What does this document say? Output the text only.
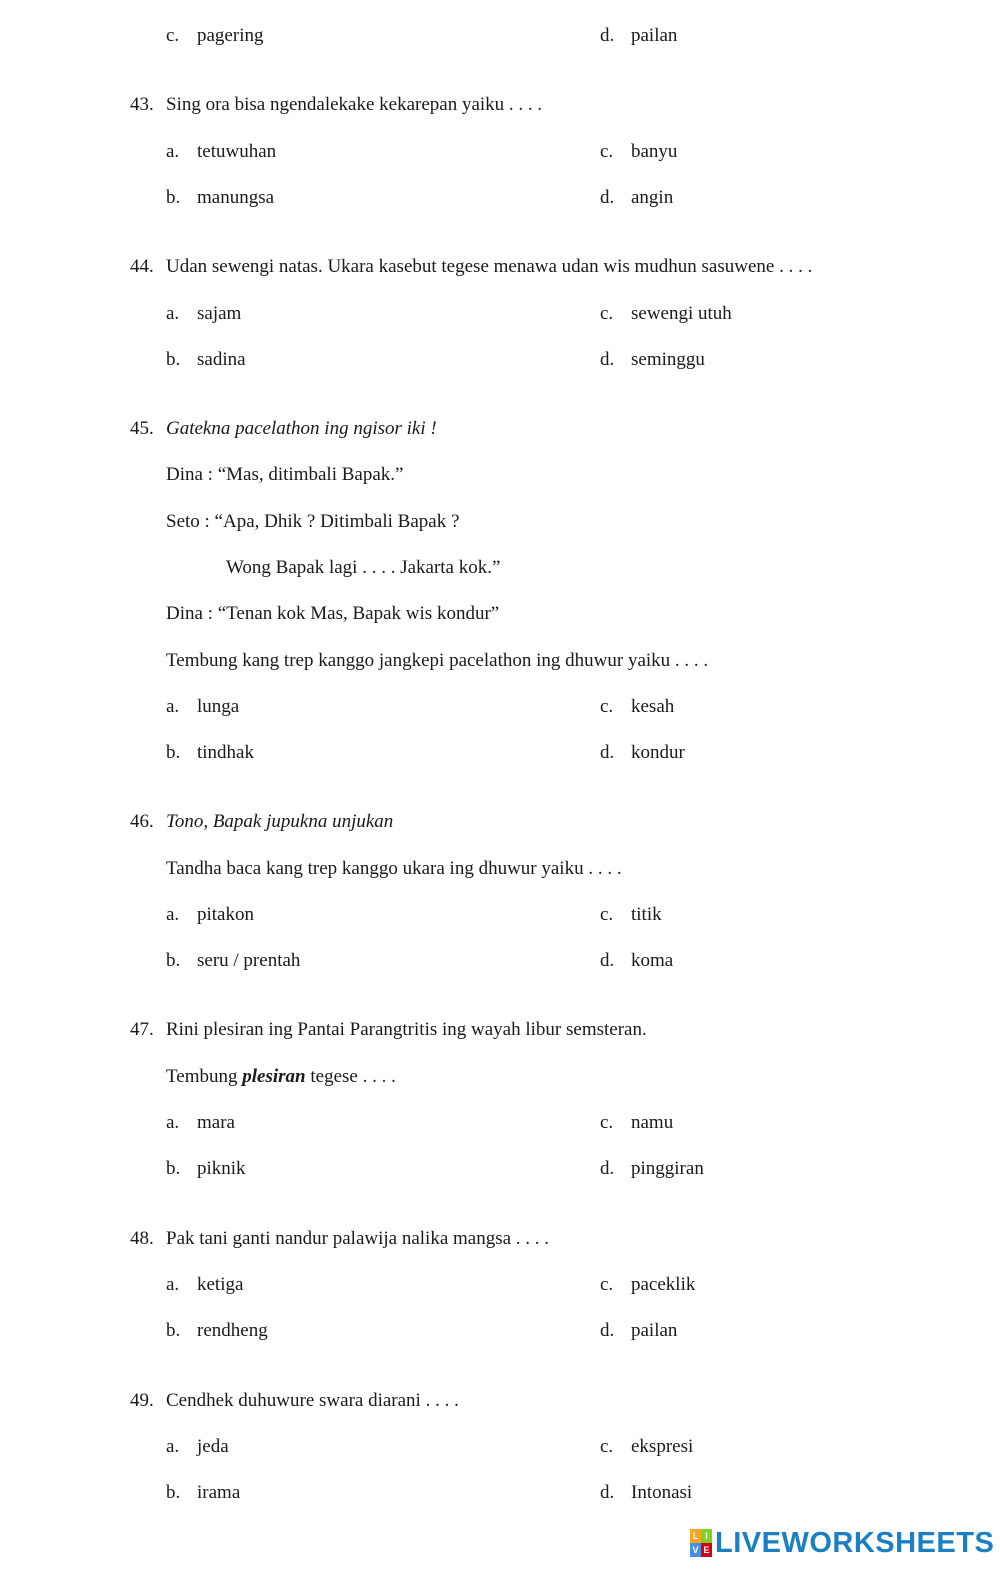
c. pagering	d. pailan
43. Sing ora bisa ngendalekake kekarepan yaiku . . . .
a. tetuwuhan	c. banyu
b. manungsa	d. angin
44. Udan sewengi natas. Ukara kasebut tegese menawa udan wis mudhun sasuwene . . . .
a. sajam	c. sewengi utuh
b. sadina	d. seminggu
45. Gatekna pacelathon ing ngisor iki !
Dina : “Mas, ditimbali Bapak.”
Seto : “Apa, Dhik ? Ditimbali Bapak ?
Wong Bapak lagi . . . . Jakarta kok.”
Dina : “Tenan kok Mas, Bapak wis kondur”
Tembung kang trep kanggo jangkepi pacelathon ing dhuwur yaiku . . . .
a. lunga	c. kesah
b. tindhak	d. kondur
46. Tono, Bapak jupukna unjukan
Tandha baca kang trep kanggo ukara ing dhuwur yaiku . . . .
a. pitakon	c. titik
b. seru / prentah	d. koma
47. Rini plesiran ing Pantai Parangtritis ing wayah libur semsteran.
Tembung plesiran tegese . . . .
a. mara	c. namu
b. piknik	d. pinggiran
48. Pak tani ganti nandur palawija nalika mangsa . . . .
a. ketiga	c. paceklik
b. rendheng	d. pailan
49. Cendhek duhuwure swara diarani . . . .
a. jeda	c. ekspresi
b. irama	d. Intonasi
L I
V E LIVEWORKSHEETS
